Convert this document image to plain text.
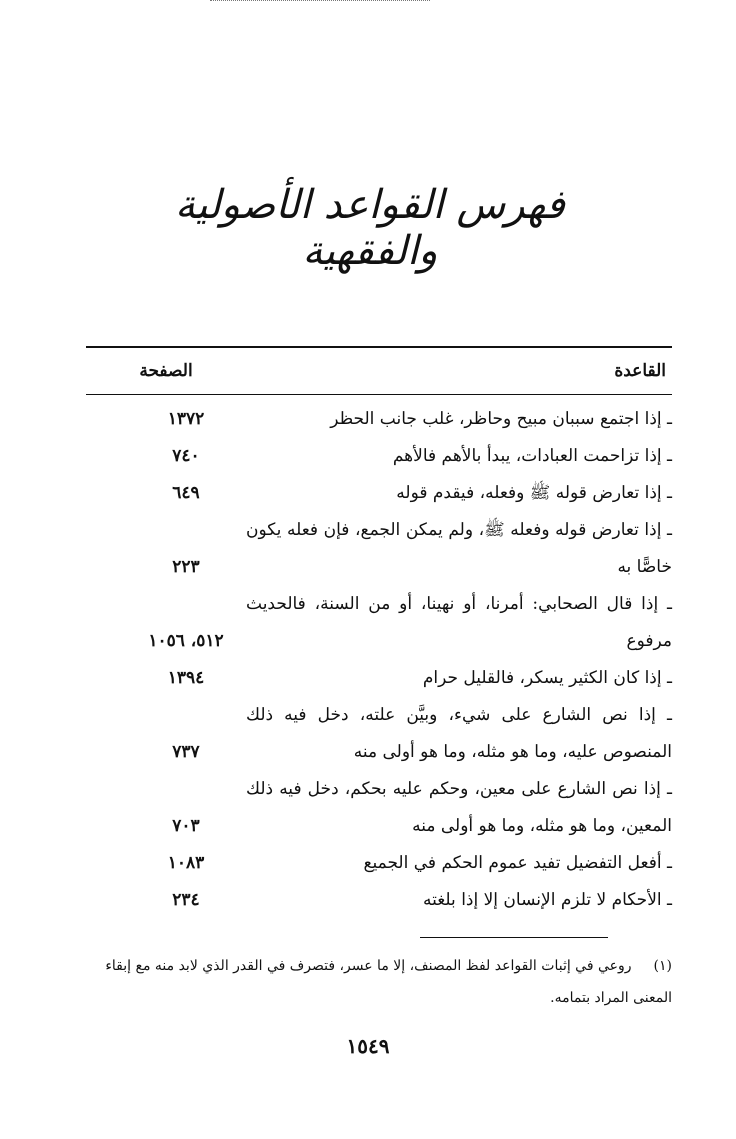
فهرس القواعد الأصولية والفقهية
القاعدة
الصفحة
ـ إذا اجتمع سببان مبيح وحاظر، غلب جانب الحظر
١٣٧٢
ـ إذا تزاحمت العبادات، يبدأ بالأهم فالأهم
٧٤٠
ـ إذا تعارض قوله ﷺ وفعله، فيقدم قوله
٦٤٩
ـ إذا تعارض قوله وفعله ﷺ، ولم يمكن الجمع، فإن فعله يكون خاصًّا به
٢٢٣
ـ إذا قال الصحابي: أمرنا، أو نهينا، أو من السنة، فالحديث مرفوع
٥١٢، ١٠٥٦
ـ إذا كان الكثير يسكر، فالقليل حرام
١٣٩٤
ـ إذا نص الشارع على شيء، وبيَّن علته، دخل فيه ذلك المنصوص عليه، وما هو مثله، وما هو أولى منه
٧٣٧
ـ إذا نص الشارع على معين، وحكم عليه بحكم، دخل فيه ذلك المعين، وما هو مثله، وما هو أولى منه
٧٠٣
ـ أفعل التفضيل تفيد عموم الحكم في الجميع
١٠٨٣
ـ الأحكام لا تلزم الإنسان إلا إذا بلغته
٢٣٤
(١)روعي في إثبات القواعد لفظ المصنف، إلا ما عسر، فتصرف في القدر الذي لابد منه مع إبقاء المعنى المراد بتمامه.
١٥٤٩
